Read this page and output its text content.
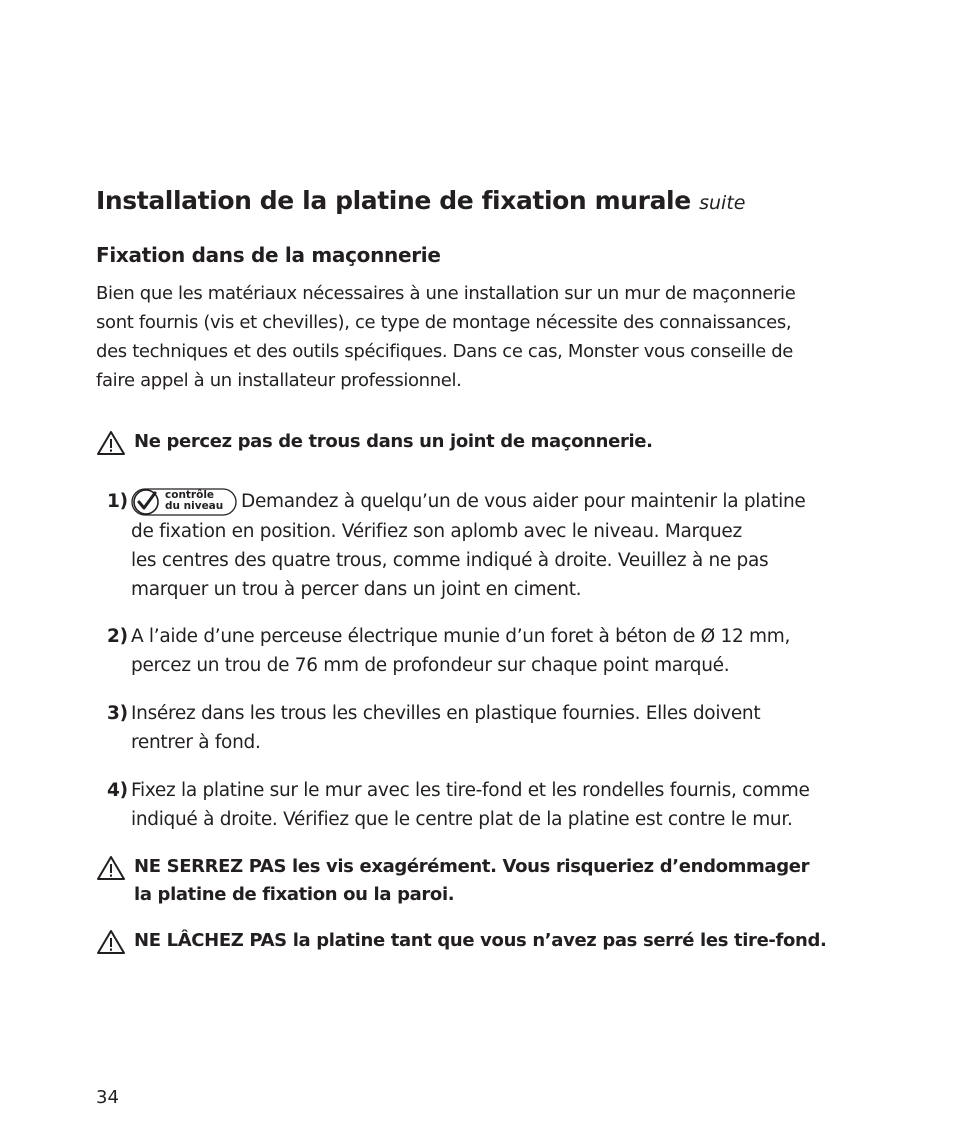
Installation de la platine de fixation murale suite
Fixation dans de la maçonnerie
Bien que les matériaux nécessaires à une installation sur un mur de maçonnerie
sont fournis (vis et chevilles), ce type de montage nécessite des connaissances,
des techniques et des outils spécifiques. Dans ce cas, Monster vous conseille de
faire appel à un installateur professionnel.
Ne percez pas de trous dans un joint de maçonnerie.
1)	contrôle
du niveau Demandez à quelqu’un de vous aider pour maintenir la platine
de fixation en position. Vérifiez son aplomb avec le niveau. Marquez
les centres des quatre trous, comme indiqué à droite. Veuillez à ne pas
marquer un trou à percer dans un joint en ciment.
2) A l’aide d’une perceuse électrique munie d’un foret à béton de Ø 12 mm,
percez un trou de 76 mm de profondeur sur chaque point marqué.
3) Insérez dans les trous les chevilles en plastique fournies. Elles doivent
rentrer à fond.
4) Fixez la platine sur le mur avec les tire-fond et les rondelles fournis, comme
indiqué à droite. Vérifiez que le centre plat de la platine est contre le mur.
NE SERREZ PAS les vis exagérément. Vous risqueriez d’endommager
la platine de fixation ou la paroi.
NE LÂCHEZ PAS la platine tant que vous n’avez pas serré les tire-fond.
34
